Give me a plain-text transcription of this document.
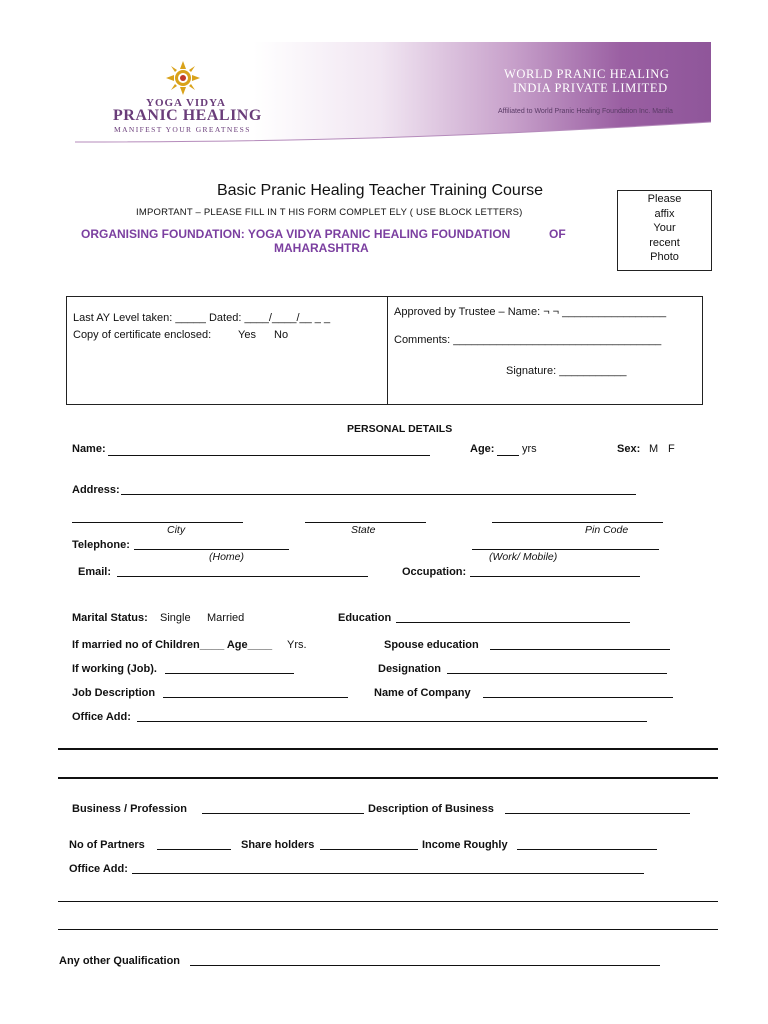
YOGA VIDYA
PRANIC HEALING
MANIFEST YOUR GREATNESS
WORLD PRANIC HEALING
INDIA PRIVATE LIMITED
Affiliated to World Pranic Healing Foundation Inc. Manila
Basic Pranic Healing Teacher Training Course
IMPORTANT – PLEASE FILL IN T HIS FORM COMPLET ELY ( USE BLOCK LETTERS)
ORGANISING FOUNDATION: YOGA VIDYA PRANIC HEALING FOUNDATION	OF
MAHARASHTRA
Please
affix
Your
recent
Photo
Last AY Level taken: _____ Dated: ____/____/__ _ _
Copy of certificate enclosed: Yes No
Approved by Trustee – Name: ¬ ¬ _________________
Comments: __________________________________
Signature: ___________
PERSONAL DETAILS
Name:	Age:	yrs	Sex: M F
Address:
City	State	Pin Code
Telephone:
(Home)	(Work/ Mobile)
Email:	Occupation:
Marital Status: Single Married	Education
If married no of Children____ Age____ Yrs.	Spouse education
If working (Job).	Designation
Job Description	Name of Company
Office Add:
Business / Profession	Description of Business
No of Partners	Share holders	Income Roughly
Office Add:
Any other Qualification
